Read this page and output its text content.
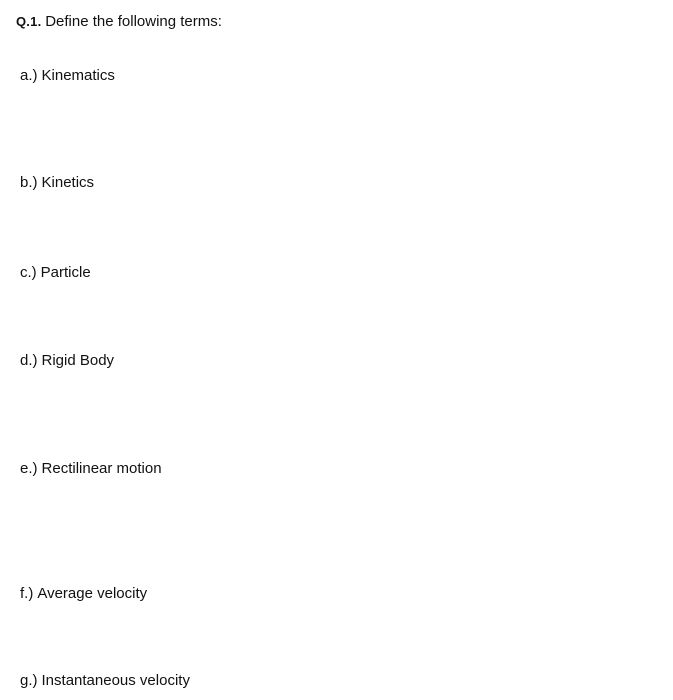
Q.1. Define the following terms:
a.) Kinematics
b.) Kinetics
c.) Particle
d.) Rigid Body
e.) Rectilinear motion
f.) Average velocity
g.) Instantaneous velocity
